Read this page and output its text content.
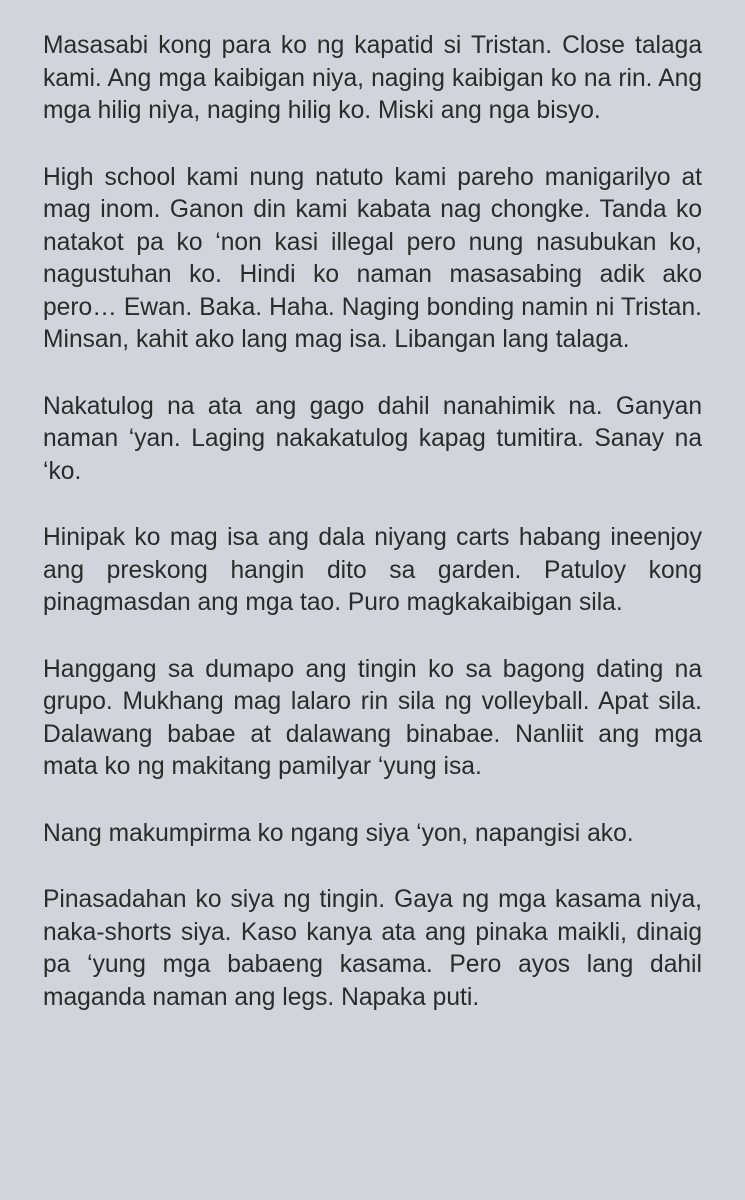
Masasabi kong para ko ng kapatid si Tristan. Close talaga kami. Ang mga kaibigan niya, naging kaibigan ko na rin. Ang mga hilig niya, naging hilig ko. Miski ang nga bisyo.

High school kami nung natuto kami pareho manigarilyo at mag inom. Ganon din kami kabata nag chongke. Tanda ko natakot pa ko ‘non kasi illegal pero nung nasubukan ko, nagustuhan ko. Hindi ko naman masasabing adik ako pero… Ewan. Baka. Haha. Naging bonding namin ni Tristan. Minsan, kahit ako lang mag isa. Libangan lang talaga.

Nakatulog na ata ang gago dahil nanahimik na. Ganyan naman ‘yan. Laging nakakatulog kapag tumitira. Sanay na ‘ko.

Hinipak ko mag isa ang dala niyang carts habang ineenjoy ang preskong hangin dito sa garden. Patuloy kong pinagmasdan ang mga tao. Puro magkakaibigan sila.

Hanggang sa dumapo ang tingin ko sa bagong dating na grupo. Mukhang mag lalaro rin sila ng volleyball. Apat sila. Dalawang babae at dalawang binabae. Nanliit ang mga mata ko ng makitang pamilyar ‘yung isa.

Nang makumpirma ko ngang siya ‘yon, napangisi ako.

Pinasadahan ko siya ng tingin. Gaya ng mga kasama niya, naka-shorts siya. Kaso kanya ata ang pinaka maikli, dinaig pa ‘yung mga babaeng kasama. Pero ayos lang dahil maganda naman ang legs. Napaka puti.
